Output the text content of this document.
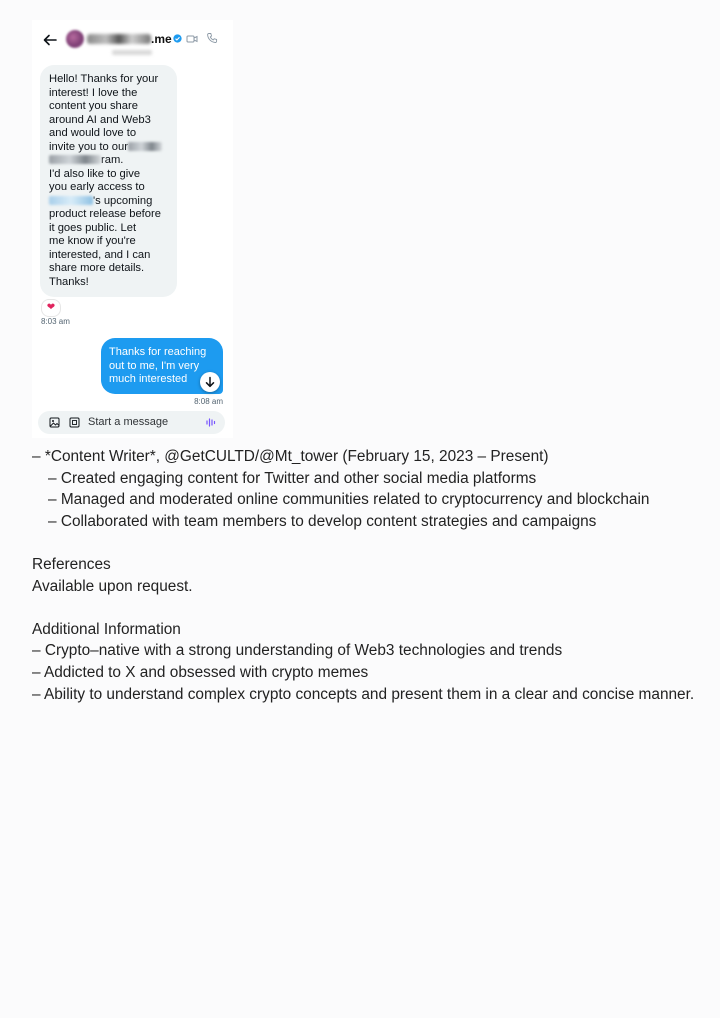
.me
Hello! Thanks for your
interest! I love the
content you share
around AI and Web3
and would love to
invite you to our
ram.
I'd also like to give
you early access to
's upcoming
product release before
it goes public. Let
me know if you're
interested, and I can
share more details.
Thanks!
❤
8:03 am
Thanks for reaching
out to me, I'm very
much interested
8:08 am
Start a message
– *Content Writer*, @GetCULTD/@Mt_tower (February 15, 2023 – Present)
– Created engaging content for Twitter and other social media platforms
– Managed and moderated online communities related to cryptocurrency and blockchain
– Collaborated with team members to develop content strategies and campaigns
References
Available upon request.
Additional Information
– Crypto–native with a strong understanding of Web3 technologies and trends
– Addicted to X and obsessed with crypto memes
– Ability to understand complex crypto concepts and present them in a clear and concise manner.
